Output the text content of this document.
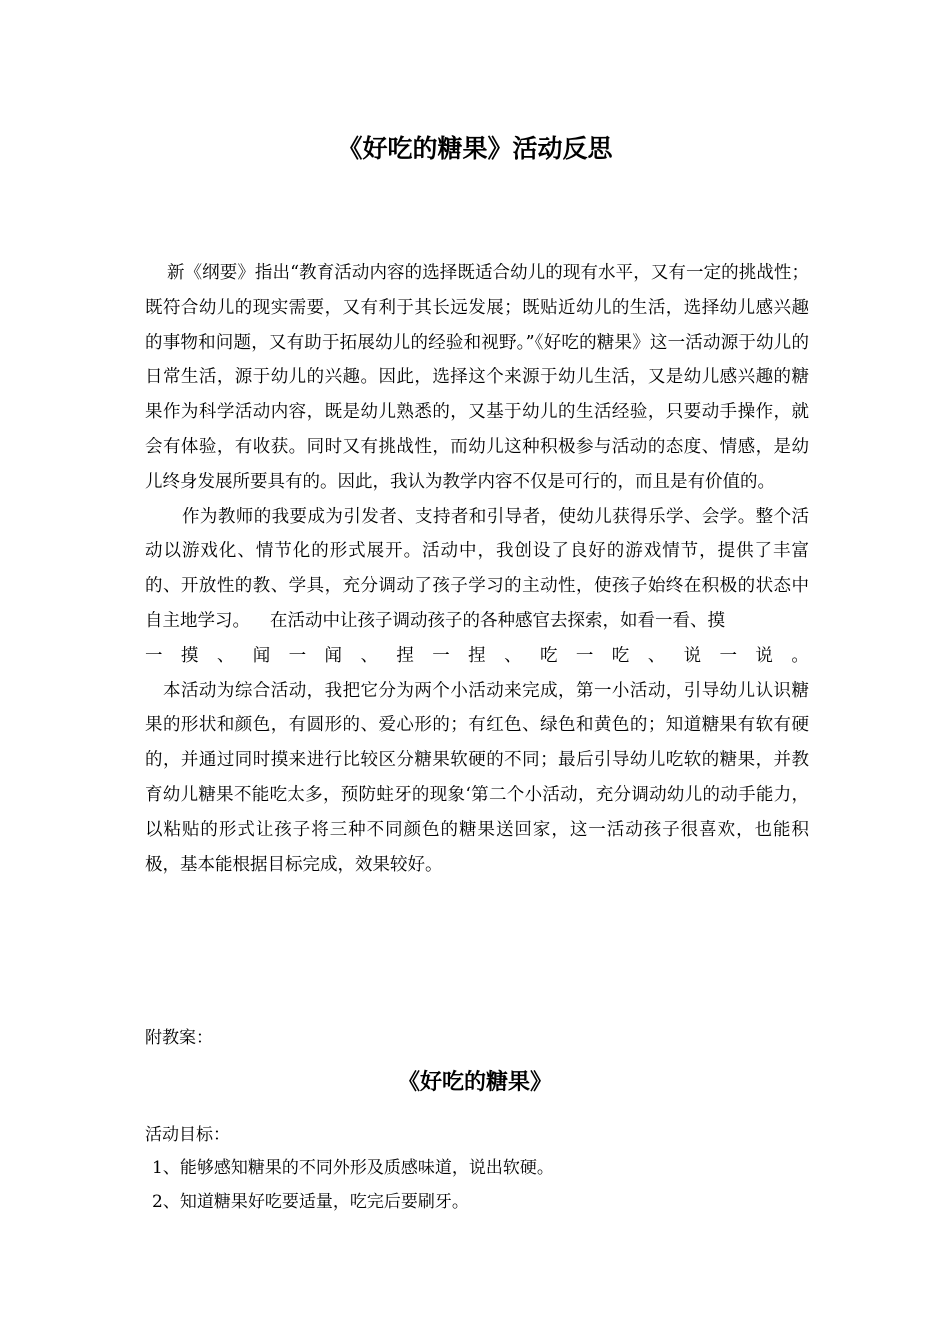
《好吃的糖果》活动反思

新《纲要》指出“教育活动内容的选择既适合幼儿的现有水平，又有一定的挑战性；既符合幼儿的现实需要，又有利于其长远发展；既贴近幼儿的生活，选择幼儿感兴趣的事物和问题，又有助于拓展幼儿的经验和视野。”《好吃的糖果》这一活动源于幼儿的日常生活，源于幼儿的兴趣。因此，选择这个来源于幼儿生活，又是幼儿感兴趣的糖果作为科学活动内容，既是幼儿熟悉的，又基于幼儿的生活经验，只要动手操作，就会有体验，有收获。同时又有挑战性，而幼儿这种积极参与活动的态度、情感，是幼儿终身发展所要具有的。因此，我认为教学内容不仅是可行的，而且是有价值的。

作为教师的我要成为引发者、支持者和引导者，使幼儿获得乐学、会学。整个活动以游戏化、情节化的形式展开。活动中，我创设了良好的游戏情节，提供了丰富的、开放性的教、学具，充分调动了孩子学习的主动性，使孩子始终在积极的状态中自主地学习。 在活动中让孩子调动孩子的各种感官去探索，如看一看、摸

一 摸 、 闻 一 闻 、 捏 一 捏 、 吃 一 吃 、 说 一 说 。

本活动为综合活动，我把它分为两个小活动来完成，第一小活动，引导幼儿认识糖果的形状和颜色，有圆形的、爱心形的；有红色、绿色和黄色的；知道糖果有软有硬的，并通过同时摸来进行比较区分糖果软硬的不同；最后引导幼儿吃软的糖果，并教育幼儿糖果不能吃太多，预防蛀牙的现象‘第二个小活动，充分调动幼儿的动手能力，以粘贴的形式让孩子将三种不同颜色的糖果送回家，这一活动孩子很喜欢，也能积极，基本能根据目标完成，效果较好。

附教案：

《好吃的糖果》

活动目标：

1、能够感知糖果的不同外形及质感味道，说出软硬。

2、知道糖果好吃要适量，吃完后要刷牙。
